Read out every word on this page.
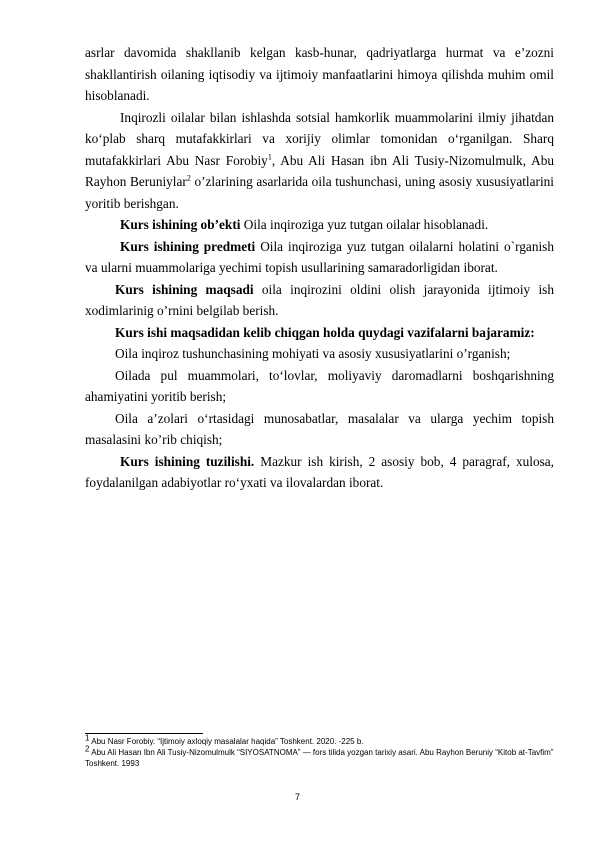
asrlar davomida shakllanib kelgan kasb-hunar, qadriyatlarga hurmat va e’zozni shakllantirish oilaning iqtisodiy va ijtimoiy manfaatlarini himoya qilishda muhim omil hisoblanadi.

Inqirozli oilalar bilan ishlashda sotsial hamkorlik muammolarini ilmiy jihatdan ko‘plab sharq mutafakkirlari va xorijiy olimlar tomonidan o‘rganilgan. Sharq mutafakkirlari Abu Nasr Forobiy$^1$, Abu Ali Hasan ibn Ali Tusiy-Nizomulmulk, Abu Rayhon Beruniylar$^2$ o’zlarining asarlarida oila tushunchasi, uning asosiy xususiyatlarini yoritib berishgan.

Kurs ishining ob’ekti Oila inqiroziga yuz tutgan oilalar hisoblanadi.

Kurs ishining predmeti Oila inqiroziga yuz tutgan oilalarni holatini o`rganish va ularni muammolariga yechimi topish usullarining samaradorligidan iborat.

Kurs ishining maqsadi oila inqirozini oldini olish jarayonida ijtimoiy ish xodimlarinig o’rnini belgilab berish.

Kurs ishi maqsadidan kelib chiqgan holda quydagi vazifalarni bajaramiz:

Oila inqiroz tushunchasining mohiyati va asosiy xususiyatlarini o’rganish;

Oilada pul muammolari, to‘lovlar, moliyaviy daromadlarni boshqarishning ahamiyatini yoritib berish;

Oila a’zolari o‘rtasidagi munosabatlar, masalalar va ularga yechim topish masalasini ko’rib chiqish;

Kurs ishining tuzilishi. Mazkur ish kirish, 2 asosiy bob, 4 paragraf, xulosa, foydalanilgan adabiyotlar ro‘yxati va ilovalardan iborat.

$^1$ Abu Nasr Forobiy. “Ijtimoiy axloqiy masalalar haqida” Toshkent. 2020. -225 b.

$^2$ Abu Ali Hasan Ibn Ali Tusiy-Nizomulmulk “SIYOSATNOMA” — fors tilida yozgan tarixiy asari. Abu Rayhon Beruniy “Kitob at-Tavfim” Toshkent. 1993

7
